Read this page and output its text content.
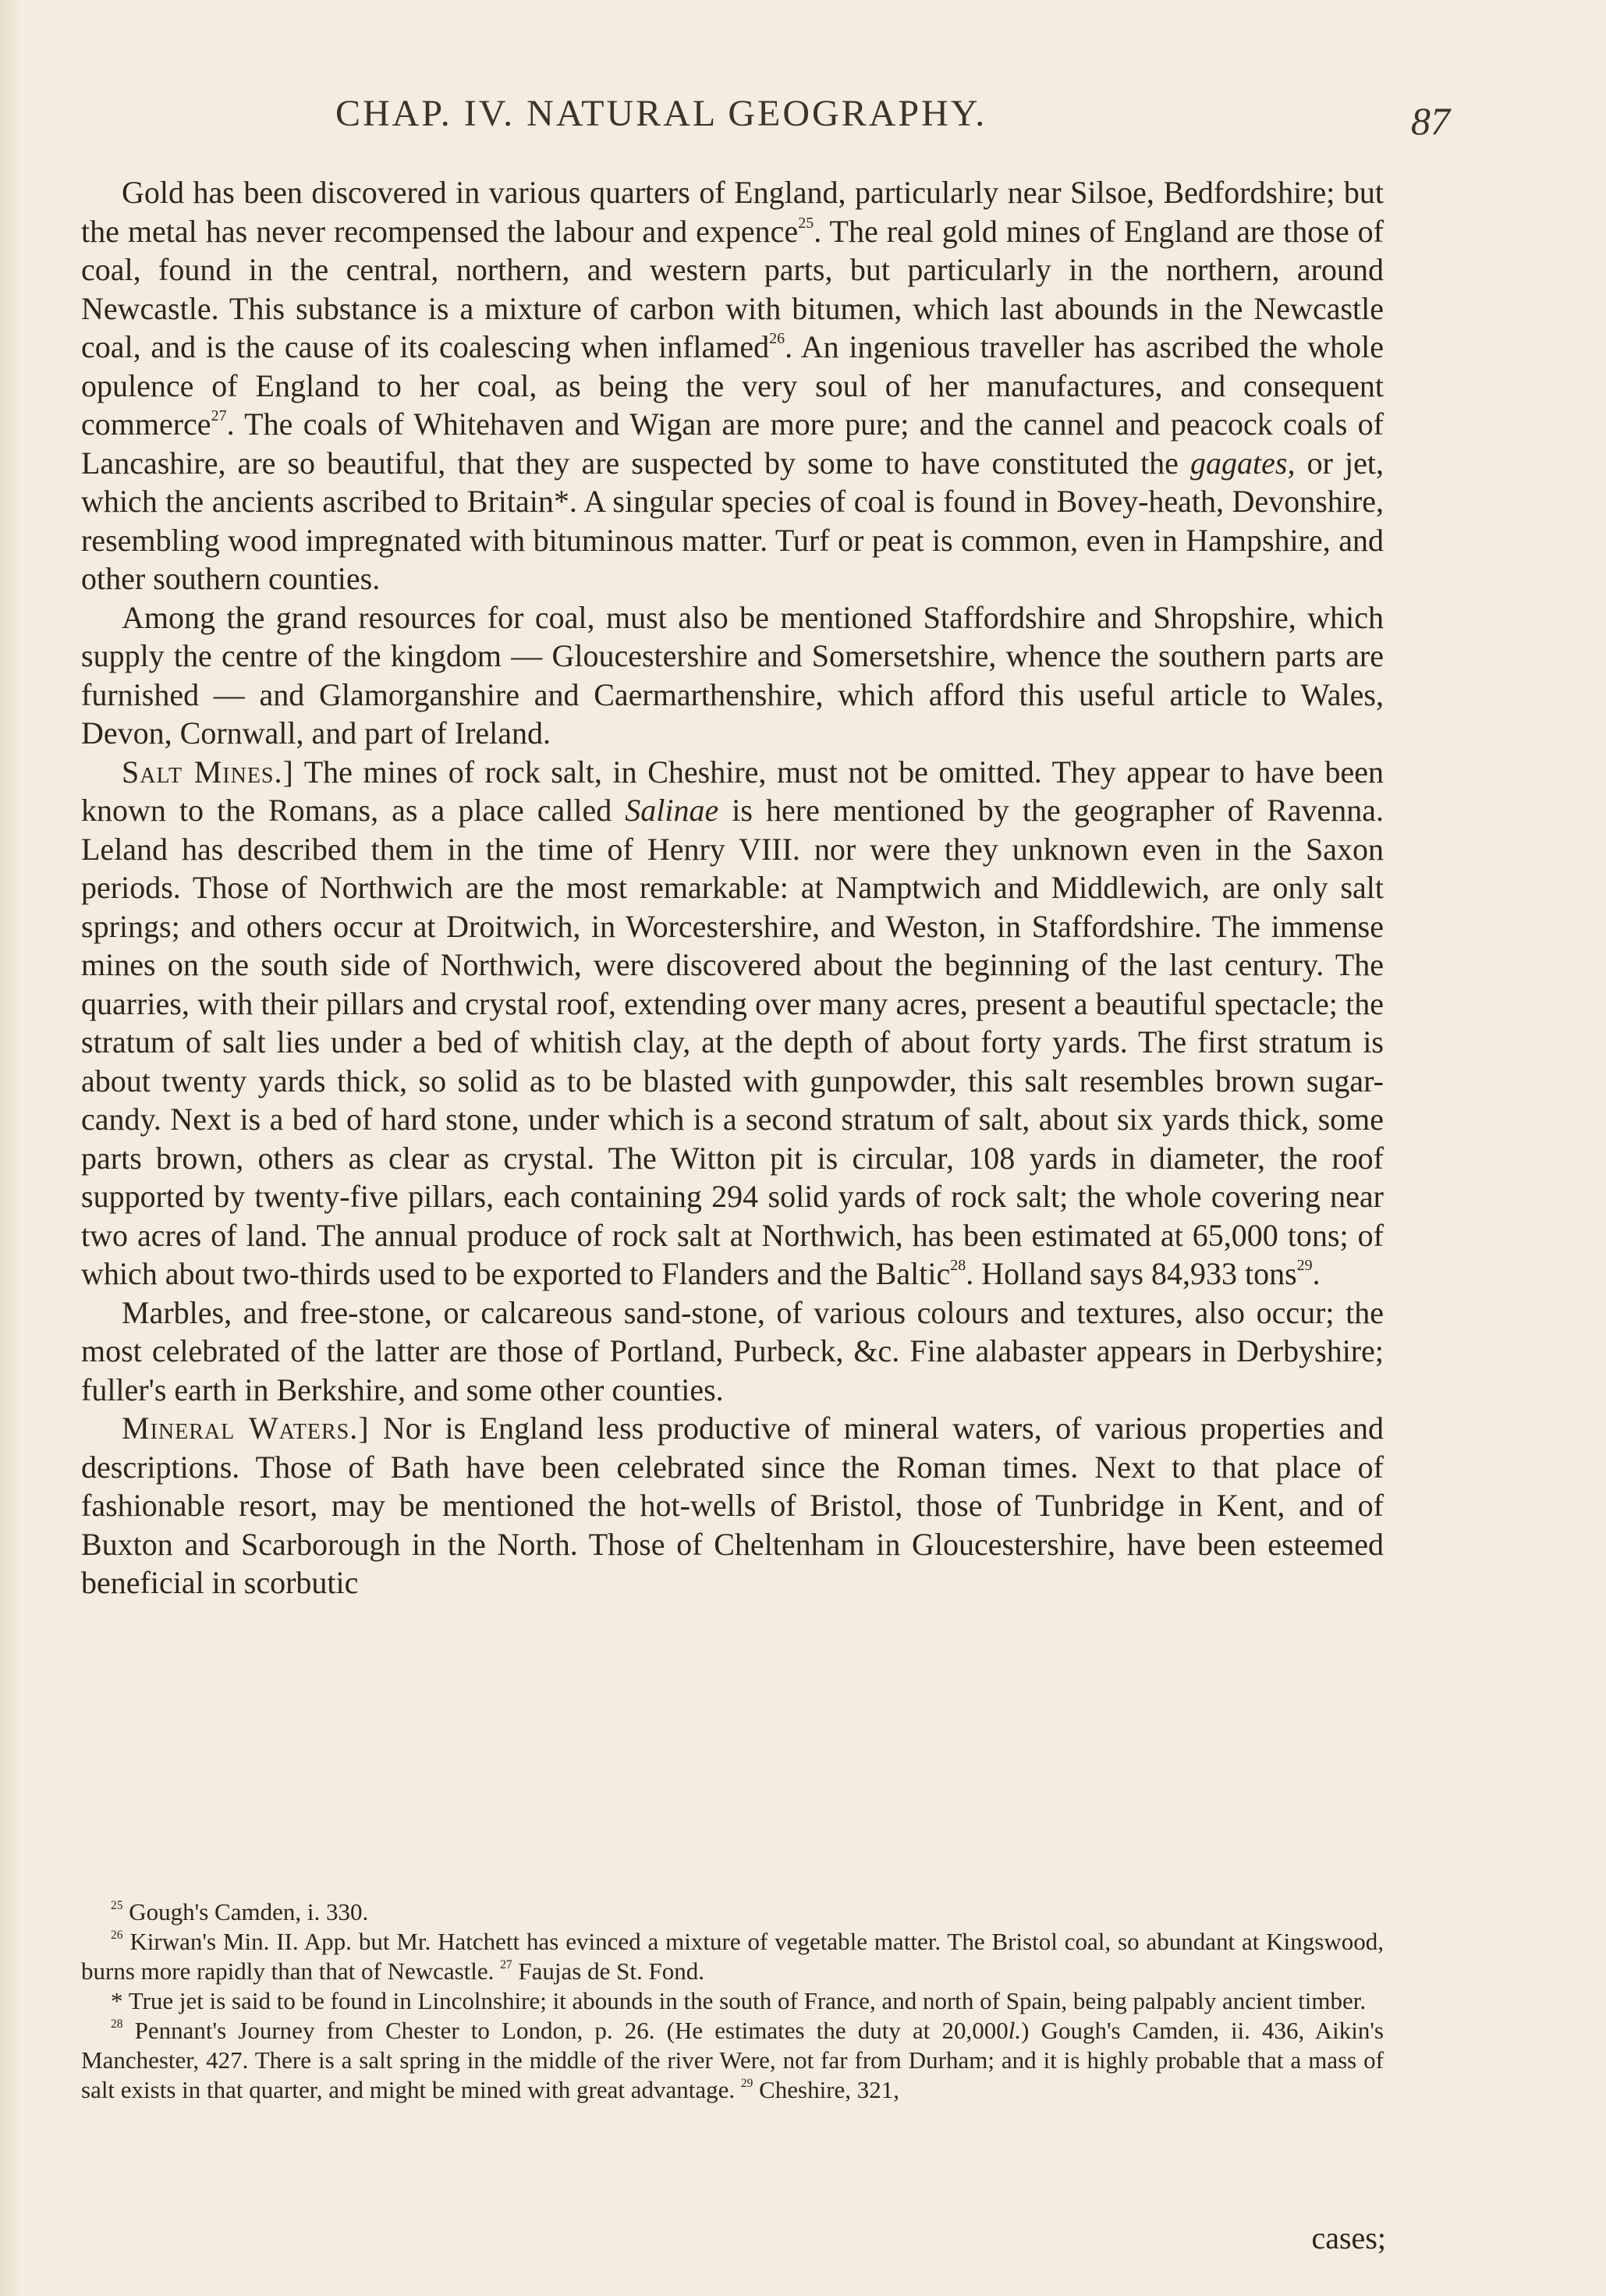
CHAP. IV. NATURAL GEOGRAPHY.	87

Gold has been discovered in various quarters of England, particularly near Silsoe, Bedfordshire; but the metal has never recompensed the labour and expence$^{25}$. The real gold mines of England are those of coal, found in the central, northern, and western parts, but particularly in the northern, around Newcastle. This substance is a mixture of carbon with bitumen, which last abounds in the Newcastle coal, and is the cause of its coalescing when inflamed$^{26}$. An ingenious traveller has ascribed the whole opulence of England to her coal, as being the very soul of her manufactures, and consequent commerce$^{27}$. The coals of Whitehaven and Wigan are more pure; and the cannel and peacock coals of Lancashire, are so beautiful, that they are suspected by some to have constituted the gagates, or jet, which the ancients ascribed to Britain*. A singular species of coal is found in Bovey-heath, Devonshire, resembling wood impregnated with bituminous matter. Turf or peat is common, even in Hampshire, and other southern counties.

Among the grand resources for coal, must also be mentioned Staffordshire and Shropshire, which supply the centre of the kingdom — Gloucestershire and Somersetshire, whence the southern parts are furnished — and Glamorganshire and Caermarthenshire, which afford this useful article to Wales, Devon, Cornwall, and part of Ireland.

Salt Mines.] The mines of rock salt, in Cheshire, must not be omitted. They appear to have been known to the Romans, as a place called Salinae is here mentioned by the geographer of Ravenna. Leland has described them in the time of Henry VIII. nor were they unknown even in the Saxon periods. Those of Northwich are the most remarkable: at Namptwich and Middlewich, are only salt springs; and others occur at Droitwich, in Worcestershire, and Weston, in Staffordshire. The immense mines on the south side of Northwich, were discovered about the beginning of the last century. The quarries, with their pillars and crystal roof, extending over many acres, present a beautiful spectacle; the stratum of salt lies under a bed of whitish clay, at the depth of about forty yards. The first stratum is about twenty yards thick, so solid as to be blasted with gunpowder, this salt resembles brown sugar-candy. Next is a bed of hard stone, under which is a second stratum of salt, about six yards thick, some parts brown, others as clear as crystal. The Witton pit is circular, 108 yards in diameter, the roof supported by twenty-five pillars, each containing 294 solid yards of rock salt; the whole covering near two acres of land. The annual produce of rock salt at Northwich, has been estimated at 65,000 tons; of which about two-thirds used to be exported to Flanders and the Baltic$^{28}$. Holland says 84,933 tons$^{29}$.

Marbles, and free-stone, or calcareous sand-stone, of various colours and textures, also occur; the most celebrated of the latter are those of Portland, Purbeck, &c. Fine alabaster appears in Derbyshire; fuller's earth in Berkshire, and some other counties.

Mineral Waters.] Nor is England less productive of mineral waters, of various properties and descriptions. Those of Bath have been celebrated since the Roman times. Next to that place of fashionable resort, may be mentioned the hot-wells of Bristol, those of Tunbridge in Kent, and of Buxton and Scarborough in the North. Those of Cheltenham in Gloucestershire, have been esteemed beneficial in scorbutic

$^{25}$ Gough's Camden, i. 330.

$^{26}$ Kirwan's Min. II. App. but Mr. Hatchett has evinced a mixture of vegetable matter. The Bristol coal, so abundant at Kingswood, burns more rapidly than that of Newcastle. $^{27}$ Faujas de St. Fond.

* True jet is said to be found in Lincolnshire; it abounds in the south of France, and north of Spain, being palpably ancient timber.

$^{28}$ Pennant's Journey from Chester to London, p. 26. (He estimates the duty at 20,000l.) Gough's Camden, ii. 436, Aikin's Manchester, 427. There is a salt spring in the middle of the river Were, not far from Durham; and it is highly probable that a mass of salt exists in that quarter, and might be mined with great advantage. $^{29}$ Cheshire, 321,

cases;
